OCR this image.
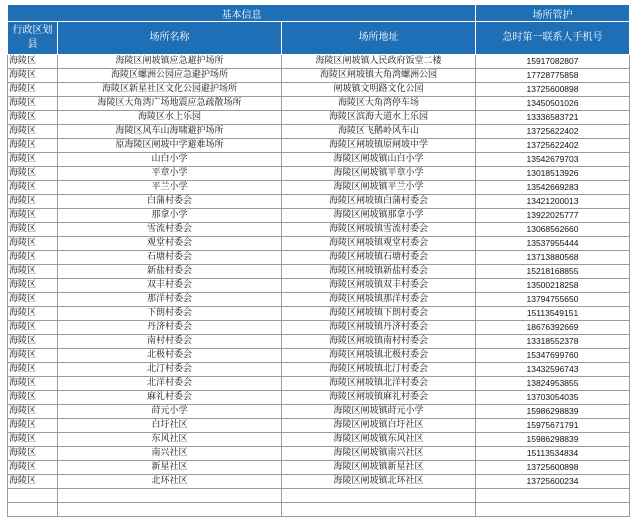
基本信息			场所管护
行政区划县	场所名称	场所地址	急时第一联系人手机号
海陵区	海陵区闸坡镇应急避护场所	海陵区闸坡镇人民政府饭堂二楼	15917082807
海陵区	海陵区螺洲公园应急避护场所	海陵区闸坡镇大角湾螺洲公园	17728775858
海陵区	海陵区新星社区文化公园避护场所	闸坡镇文明路文化公园	13725600898
海陵区	海陵区大角湾广场地震应急疏散场所	海陵区大角湾停车场	13450501026
海陵区	海陵区水上乐园	海陵区滨海大道水上乐园	13336583721
海陵区	海陵区风车山海啸避护场所	海陵区飞鹅岭风车山	13725622402
海陵区	原海陵区闸坡中学避难场所	海陵区闸坡镇原闸坡中学	13725622402
海陵区	山白小学	海陵区闸坡镇山白小学	13542679703
海陵区	平章小学	海陵区闸坡镇平章小学	13018513926
海陵区	平兰小学	海陵区闸坡镇平兰小学	13542669283
海陵区	白蒲村委会	海陵区闸坡镇白蒲村委会	13421200013
海陵区	那拿小学	海陵区闸坡镇那拿小学	13922025777
海陵区	雪流村委会	海陵区闸坡镇雪流村委会	13068562660
海陵区	观堂村委会	海陵区闸坡镇观堂村委会	13537955444
海陵区	石塘村委会	海陵区闸坡镇石塘村委会	13713880568
海陵区	新盐村委会	海陵区闸坡镇新盐村委会	15218168855
海陵区	双丰村委会	海陵区闸坡镇双丰村委会	13500218258
海陵区	那洋村委会	海陵区闸坡镇那洋村委会	13794755650
海陵区	下朗村委会	海陵区闸坡镇下朗村委会	15113549151
海陵区	丹济村委会	海陵区闸坡镇丹济村委会	18676392669
海陵区	南村村委会	海陵区闸坡镇南村村委会	13318552378
海陵区	北极村委会	海陵区闸坡镇北极村委会	15347699760
海陵区	北汀村委会	海陵区闸坡镇北汀村委会	13432596743
海陵区	北洋村委会	海陵区闸坡镇北洋村委会	13824953855
海陵区	麻礼村委会	海陵区闸坡镇麻礼村委会	13703054035
海陵区	莳元小学	海陵区闸坡镇莳元小学	15986298839
海陵区	白圩社区	海陵区闸坡镇白圩社区	15975671791
海陵区	东风社区	海陵区闸坡镇东风社区	15986298839
海陵区	南兴社区	海陵区闸坡镇南兴社区	15113534834
海陵区	新星社区	海陵区闸坡镇新星社区	13725600898
海陵区	北环社区	海陵区闸坡镇北环社区	13725600234
